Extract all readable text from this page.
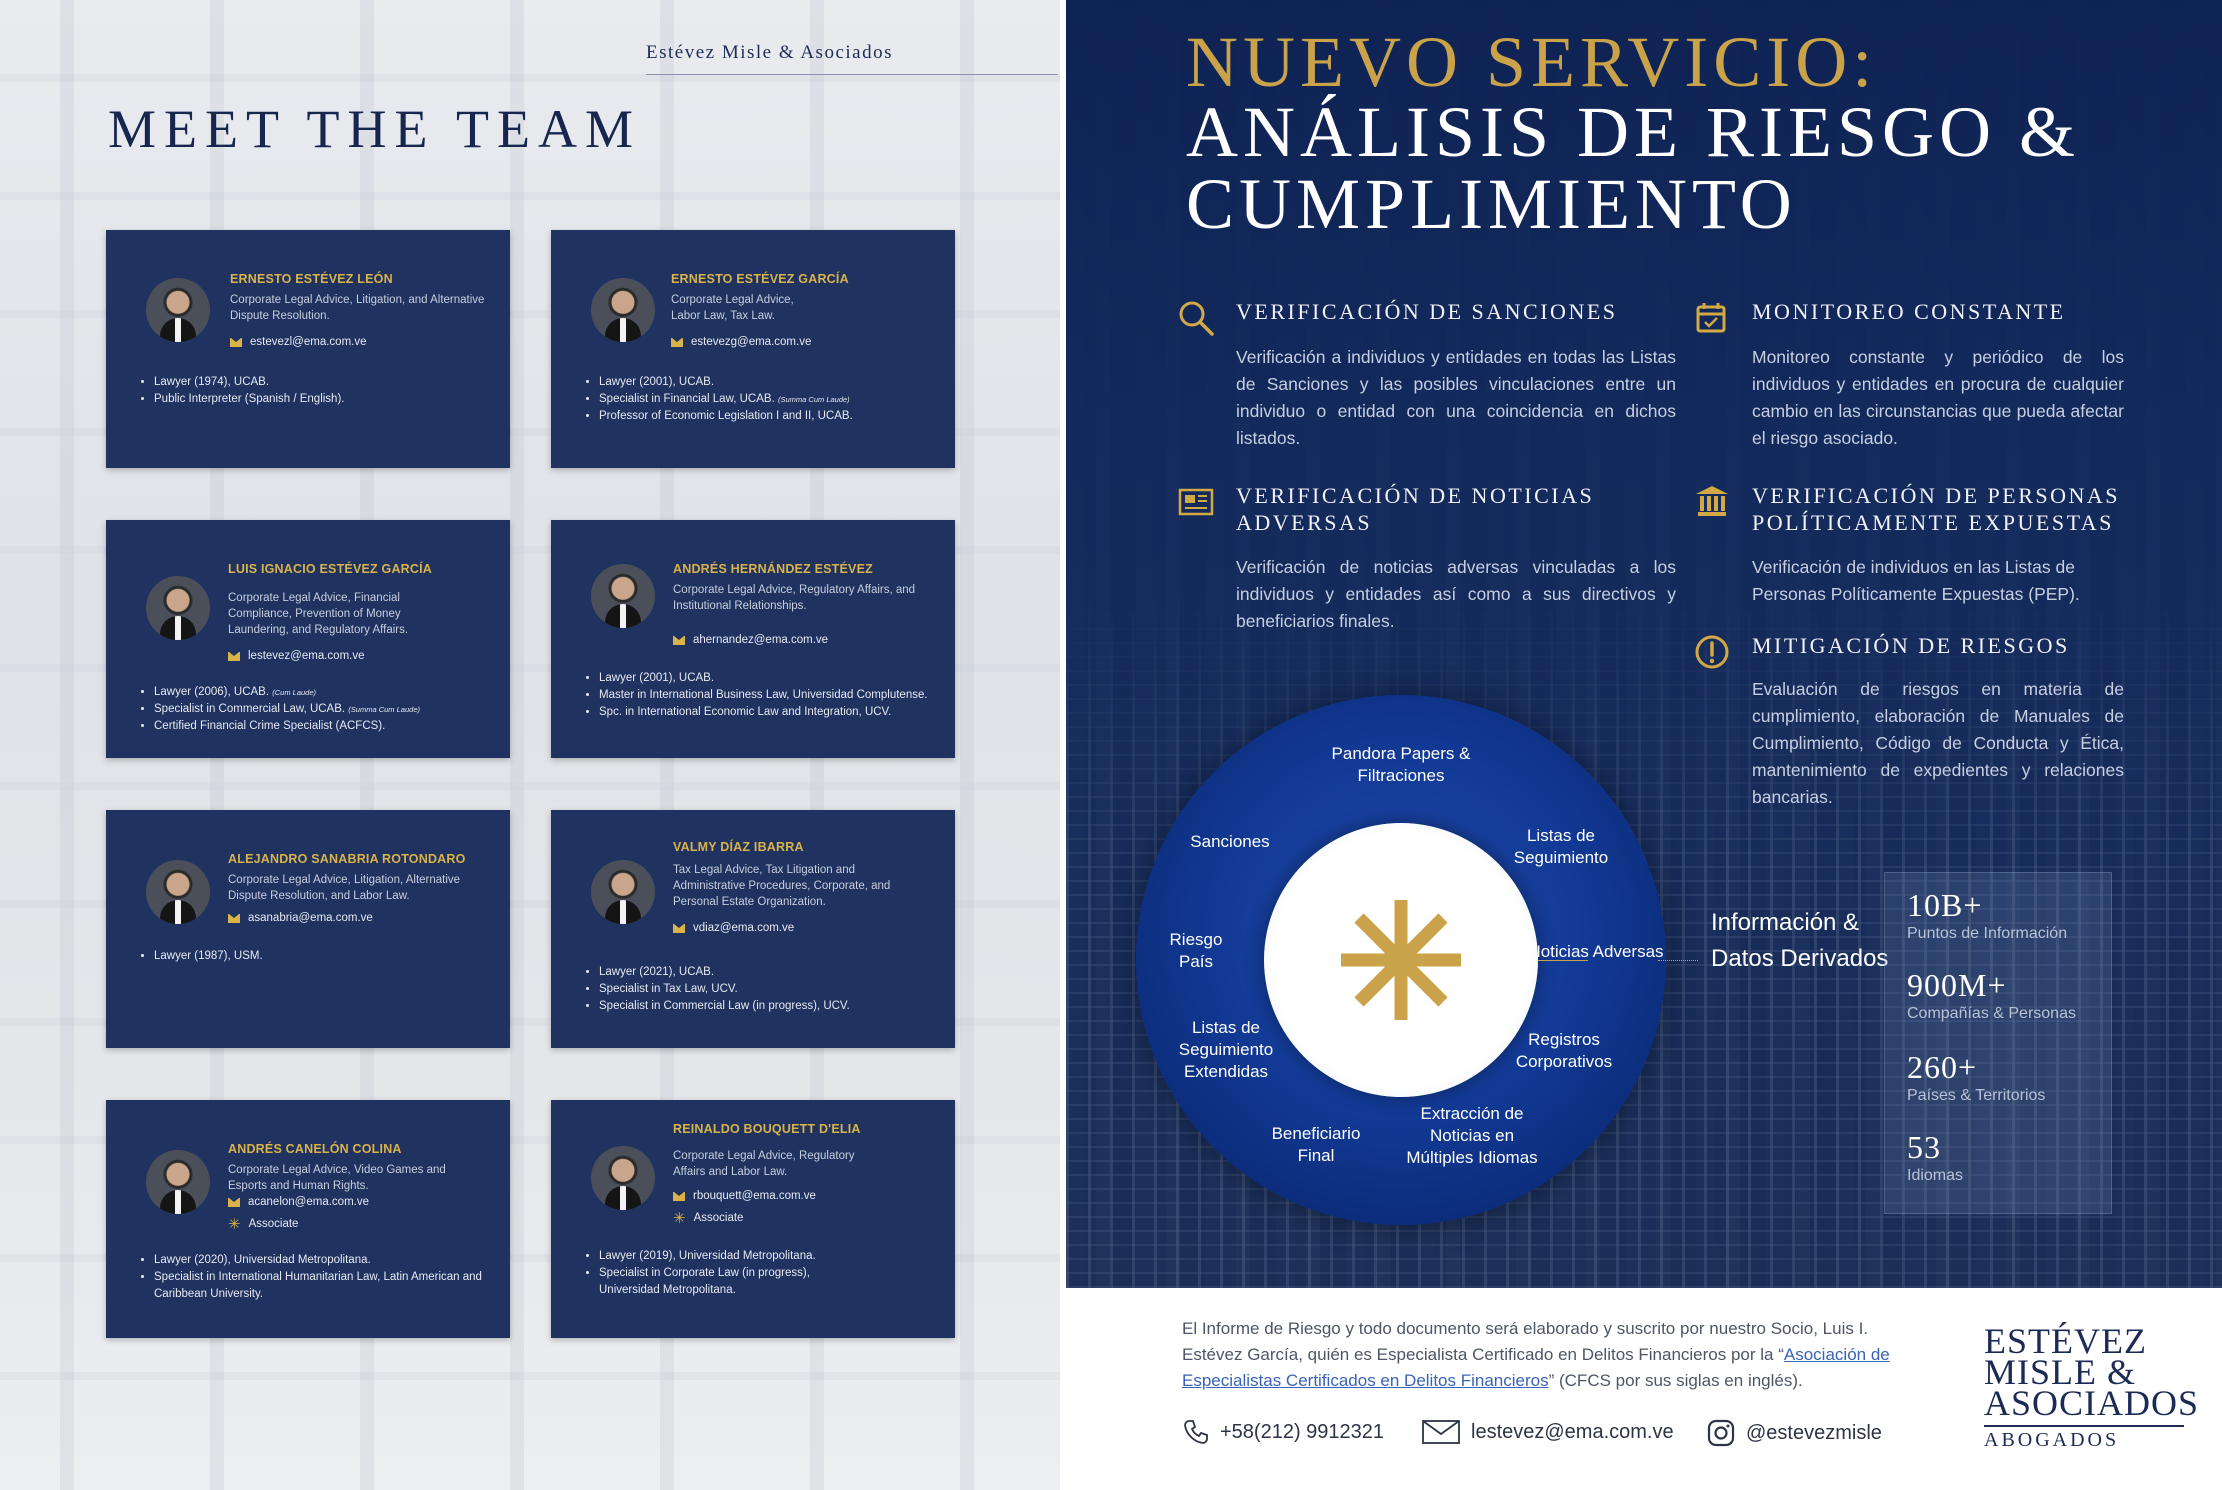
Estévez Misle & Asociados
MEET THE TEAM
ERNESTO ESTÉVEZ LEÓN
Corporate Legal Advice, Litigation, and Alternative Dispute Resolution.
estevezl@ema.com.ve
• Lawyer (1974), UCAB.
• Public Interpreter (Spanish / English).
ERNESTO ESTÉVEZ GARCÍA
Corporate Legal Advice, Labor Law, Tax Law.
estevezg@ema.com.ve
• Lawyer (2001), UCAB.
• Specialist in Financial Law, UCAB. (Summa Cum Laude)
• Professor of Economic Legislation I and II, UCAB.
LUIS IGNACIO ESTÉVEZ GARCÍA
Corporate Legal Advice, Financial Compliance, Prevention of Money Laundering, and Regulatory Affairs.
lestevez@ema.com.ve
• Lawyer (2006), UCAB. (Cum Laude)
• Specialist in Commercial Law, UCAB. (Summa Cum Laude)
• Certified Financial Crime Specialist (ACFCS).
ANDRÉS HERNÁNDEZ ESTÉVEZ
Corporate Legal Advice, Regulatory Affairs, and Institutional Relationships.
ahernandez@ema.com.ve
• Lawyer (2001), UCAB.
• Master in International Business Law, Universidad Complutense.
• Spc. in International Economic Law and Integration, UCV.
ALEJANDRO SANABRIA ROTONDARO
Corporate Legal Advice, Litigation, Alternative Dispute Resolution, and Labor Law.
asanabria@ema.com.ve
• Lawyer (1987), USM.
VALMY DÍAZ IBARRA
Tax Legal Advice, Tax Litigation and Administrative Procedures, Corporate, and Personal Estate Organization.
vdiaz@ema.com.ve
• Lawyer (2021), UCAB.
• Specialist in Tax Law, UCV.
• Specialist in Commercial Law (in progress), UCV.
ANDRÉS CANELÓN COLINA
Corporate Legal Advice, Video Games and Esports and Human Rights.
acanelon@ema.com.ve
✳ Associate
• Lawyer (2020), Universidad Metropolitana.
• Specialist in International Humanitarian Law, Latin American and Caribbean University.
REINALDO BOUQUETT D'ELIA
Corporate Legal Advice, Regulatory Affairs and Labor Law.
rbouquett@ema.com.ve
✳ Associate
• Lawyer (2019), Universidad Metropolitana.
• Specialist in Corporate Law (in progress), Universidad Metropolitana.
NUEVO SERVICIO:
ANÁLISIS DE RIESGO & CUMPLIMIENTO
VERIFICACIÓN DE SANCIONES
Verificación a individuos y entidades en todas las Listas de Sanciones y las posibles vinculaciones entre un individuo o entidad con una coincidencia en dichos listados.
MONITOREO CONSTANTE
Monitoreo constante y periódico de los individuos y entidades en procura de cualquier cambio en las circunstancias que pueda afectar el riesgo asociado.
VERIFICACIÓN DE NOTICIAS ADVERSAS
Verificación de noticias adversas vinculadas a los individuos y entidades así como a sus directivos y beneficiarios finales.
VERIFICACIÓN DE PERSONAS POLÍTICAMENTE EXPUESTAS
Verificación de individuos en las Listas de Personas Políticamente Expuestas (PEP).
MITIGACIÓN DE RIESGOS
Evaluación de riesgos en materia de cumplimiento, elaboración de Manuales de Cumplimiento, Código de Conducta y Ética, mantenimiento de expedientes y relaciones bancarias.
Pandora Papers & Filtraciones
Listas de Seguimiento
Noticias Adversas
Registros Corporativos
Extracción de Noticias en Múltiples Idiomas
Beneficiario Final
Listas de Seguimiento Extendidas
Riesgo País
Sanciones
Información & Datos Derivados
10B+
Puntos de Información
900M+
Compañías & Personas
260+
Países & Territorios
53
Idiomas
El Informe de Riesgo y todo documento será elaborado y suscrito por nuestro Socio, Luis I. Estévez García, quién es Especialista Certificado en Delitos Financieros por la “Asociación de Especialistas Certificados en Delitos Financieros” (CFCS por sus siglas en inglés).
+58(212) 9912321	lestevez@ema.com.ve	@estevezmisle
ESTÉVEZ
MISLE &
ASOCIADOS
ABOGADOS
